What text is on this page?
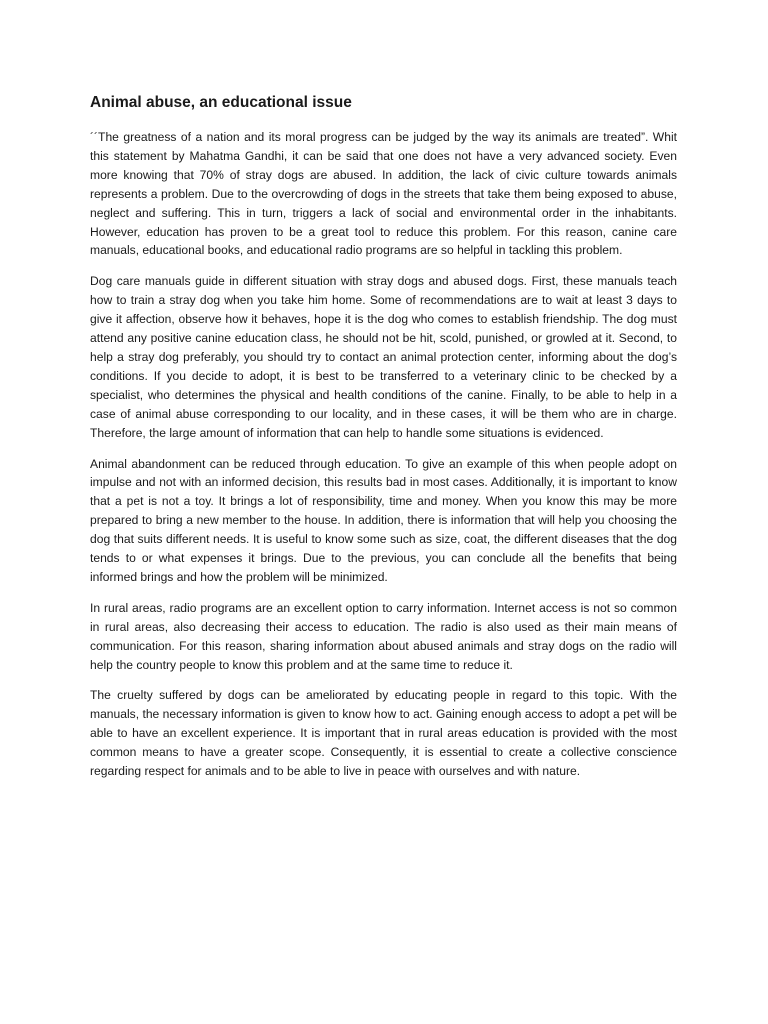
Animal abuse, an educational issue

´´The greatness of a nation and its moral progress can be judged by the way its animals are treated”. Whit this statement by Mahatma Gandhi, it can be said that one does not have a very advanced society. Even more knowing that 70% of stray dogs are abused. In addition, the lack of civic culture towards animals represents a problem. Due to the overcrowding of dogs in the streets that take them being exposed to abuse, neglect and suffering. This in turn, triggers a lack of social and environmental order in the inhabitants. However, education has proven to be a great tool to reduce this problem. For this reason, canine care manuals, educational books, and educational radio programs are so helpful in tackling this problem.

Dog care manuals guide in different situation with stray dogs and abused dogs. First, these manuals teach how to train a stray dog when you take him home. Some of recommendations are to wait at least 3 days to give it affection, observe how it behaves, hope it is the dog who comes to establish friendship. The dog must attend any positive canine education class, he should not be hit, scold, punished, or growled at it. Second, to help a stray dog preferably, you should try to contact an animal protection center, informing about the dog’s conditions. If you decide to adopt, it is best to be transferred to a veterinary clinic to be checked by a specialist, who determines the physical and health conditions of the canine. Finally, to be able to help in a case of animal abuse corresponding to our locality, and in these cases, it will be them who are in charge. Therefore, the large amount of information that can help to handle some situations is evidenced.

Animal abandonment can be reduced through education. To give an example of this when people adopt on impulse and not with an informed decision, this results bad in most cases. Additionally, it is important to know that a pet is not a toy. It brings a lot of responsibility, time and money. When you know this may be more prepared to bring a new member to the house. In addition, there is information that will help you choosing the dog that suits different needs. It is useful to know some such as size, coat, the different diseases that the dog tends to or what expenses it brings. Due to the previous, you can conclude all the benefits that being informed brings and how the problem will be minimized.

In rural areas, radio programs are an excellent option to carry information. Internet access is not so common in rural areas, also decreasing their access to education. The radio is also used as their main means of communication. For this reason, sharing information about abused animals and stray dogs on the radio will help the country people to know this problem and at the same time to reduce it.

The cruelty suffered by dogs can be ameliorated by educating people in regard to this topic. With the manuals, the necessary information is given to know how to act. Gaining enough access to adopt a pet will be able to have an excellent experience. It is important that in rural areas education is provided with the most common means to have a greater scope. Consequently, it is essential to create a collective conscience regarding respect for animals and to be able to live in peace with ourselves and with nature.
